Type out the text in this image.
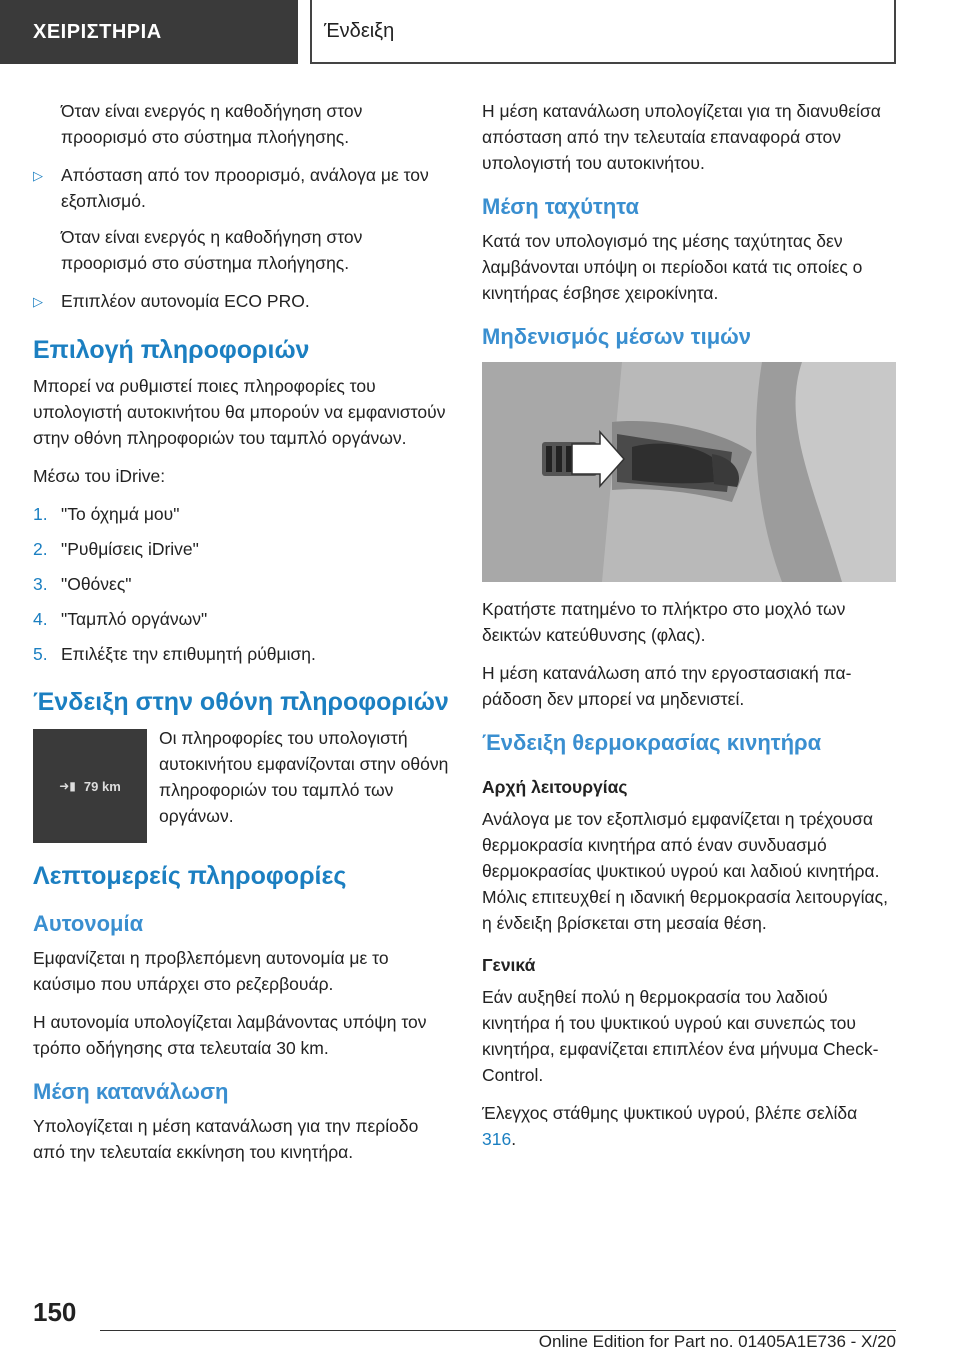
ΧΕΙΡΙΣΤΗΡΙΑ	Ένδειξη

Όταν είναι ενεργός η καθοδήγηση στον προορισμό στο σύστημα πλοήγησης.

▷	Απόσταση από τον προορισμό, ανάλογα με τον εξοπλισμό.

Όταν είναι ενεργός η καθοδήγηση στον προορισμό στο σύστημα πλοήγησης.

▷	Επιπλέον αυτονομία ECO PRO.
Επιλογή πληροφοριών

Μπορεί να ρυθμιστεί ποιες πληροφορίες του υπολογιστή αυτοκινήτου θα μπορούν να εμφανιστούν στην οθόνη πληροφοριών του ταμπλό οργάνων.

Μέσω του iDrive:

1. "Το όχημά μου"
2. "Ρυθμίσεις iDrive"
3. "Οθόνες"
4. "Ταμπλό οργάνων"
5. Επιλέξτε την επιθυμητή ρύθμιση.
Ένδειξη στην οθόνη πληροφοριών
➜▮ 79 km

Οι πληροφορίες του υπολογιστή αυτοκινήτου εμφανίζονται στην οθόνη πληροφοριών του ταμπλό των οργάνων.

Λεπτομερείς πληροφορίες
Αυτονομία

Εμφανίζεται η προβλεπόμενη αυτονομία με το καύσιμο που υπάρχει στο ρεζερβουάρ.

Η αυτονομία υπολογίζεται λαμβάνοντας υπόψη τον τρόπο οδήγησης στα τελευταία 30 km.

Μέση κατανάλωση

Υπολογίζεται η μέση κατανάλωση για την περίοδο από την τελευταία εκκίνηση του κινητήρα.

Η μέση κατανάλωση υπολογίζεται για τη διανυθείσα απόσταση από την τελευταία επαναφορά στον υπολογιστή του αυτοκινήτου.

Μέση ταχύτητα

Κατά τον υπολογισμό της μέσης ταχύτητας δεν λαμβάνονται υπόψη οι περίοδοι κατά τις οποίες ο κινητήρας έσβησε χειροκίνητα.

Μηδενισμός μέσων τιμών

Κρατήστε πατημένο το πλήκτρο στο μοχλό των δεικτών κατεύθυνσης (φλας).

Η μέση κατανάλωση από την εργοστασιακή παράδοση δεν μπορεί να μηδενιστεί.

Ένδειξη θερμοκρασίας κινητήρα
Αρχή λειτουργίας

Ανάλογα με τον εξοπλισμό εμφανίζεται η τρέχουσα θερμοκρασία κινητήρα από έναν συνδυασμό θερμοκρασίας ψυκτικού υγρού και λαδιού κινητήρα. Μόλις επιτευχθεί η ιδανική θερμοκρασία λειτουργίας, η ένδειξη βρίσκεται στη μεσαία θέση.

Γενικά

Εάν αυξηθεί πολύ η θερμοκρασία του λαδιού κινητήρα ή του ψυκτικού υγρού και συνεπώς του κινητήρα, εμφανίζεται επιπλέον ένα μήνυμα Check-Control.

Έλεγχος στάθμης ψυκτικού υγρού, βλέπε σελίδα 316.

150
Online Edition for Part no. 01405A1E736 - X/20
